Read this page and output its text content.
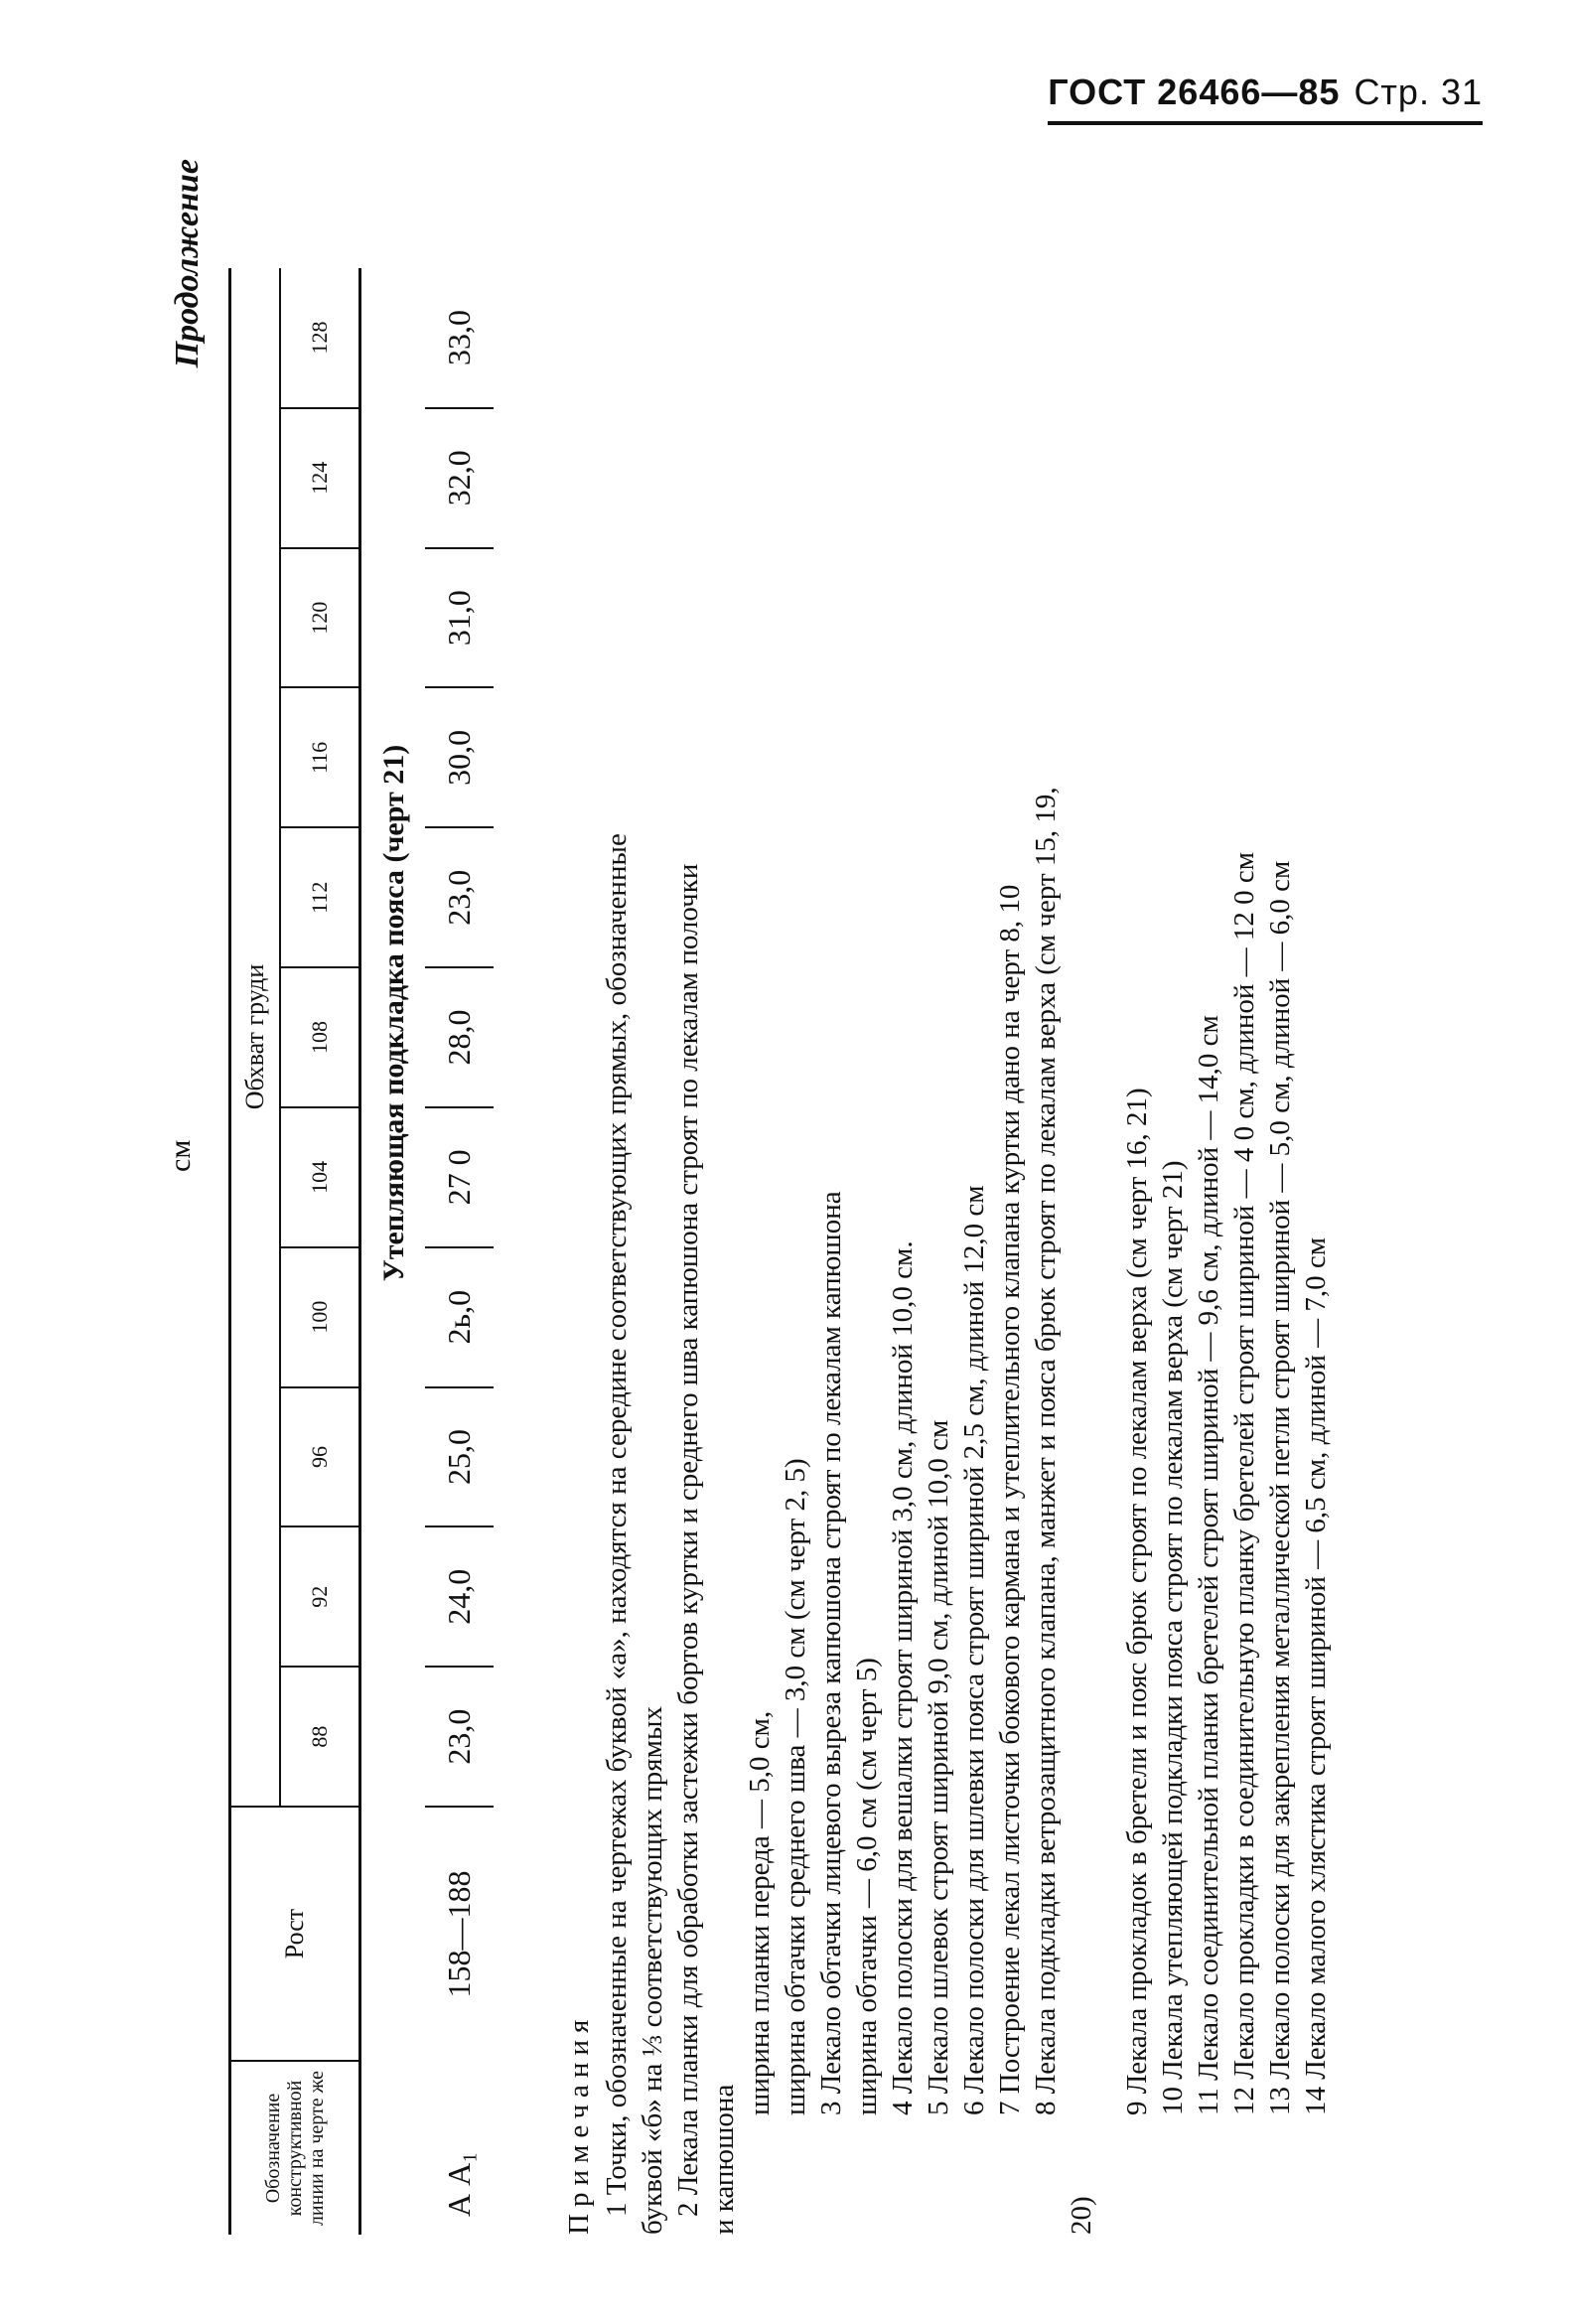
ГОСТ 26466—85 Стр. 31
Продолжение
см
Обозначение конструктивной линии на черте же	Рост	Обхват груди										
		88	92	96	100	104	108	112	116	120	124	128
Утепляющая подкладка пояса (черт 21)												
А А₁	158—188	23,0	24,0	25,0	2ь,0	27 0	28,0	23,0	30,0	31,0	32,0	33,0

Примечания 1 Точки, обозначенные на чертежах буквой «а», находятся на середине соответствующих прямых, обозначенные буквой «б» на ⅓ соответствующих прямых 2 Лекала планки для обработки застежки бортов куртки и среднего шва капюшона строят по лекалам полочки и капюшона

ширина планки переда — 5,0 см, ширина обтачки среднего шва — 3,0 см (см черт 2, 5) 3 Лекало обтачки лицевого выреза капюшона строят по лекалам капюшона ширина обтачки — 6,0 см (см черт 5) 4 Лекало полоски для вешалки строят шириной 3,0 см, длиной 10,0 см. 5 Лекало шлевок строят шириной 9,0 см, длиной 10,0 см 6 Лекало полоски для шлевки пояса строят шириной 2,5 см, длиной 12,0 см 7 Построение лекал листочки бокового кармана и утеплительного клапана куртки дано на черт 8, 10 8 Лекала подкладки ветрозащитного клапана, манжет и пояса брюк строят по лекалам верха (см черт 15, 19,

20)

9 Лекала прокладок в бретели и пояс брюк строят по лекалам верха (см черт 16, 21) 10 Лекала утепляющей подкладки пояса строят по лекалам верха (см черт 21) 11 Лекало соединительной планки бретелей строят шириной — 9,6 см, длиной — 14,0 см 12 Лекало прокладки в соединительную планку бретелей строят шириной — 4 0 см, длиной — 12 0 см 13 Лекало полоски для закрепления металлической петли строят шириной — 5,0 см, длиной — 6,0 см 14 Лекало малого хлястика строят шириной — 6,5 см, длиной — 7,0 см
